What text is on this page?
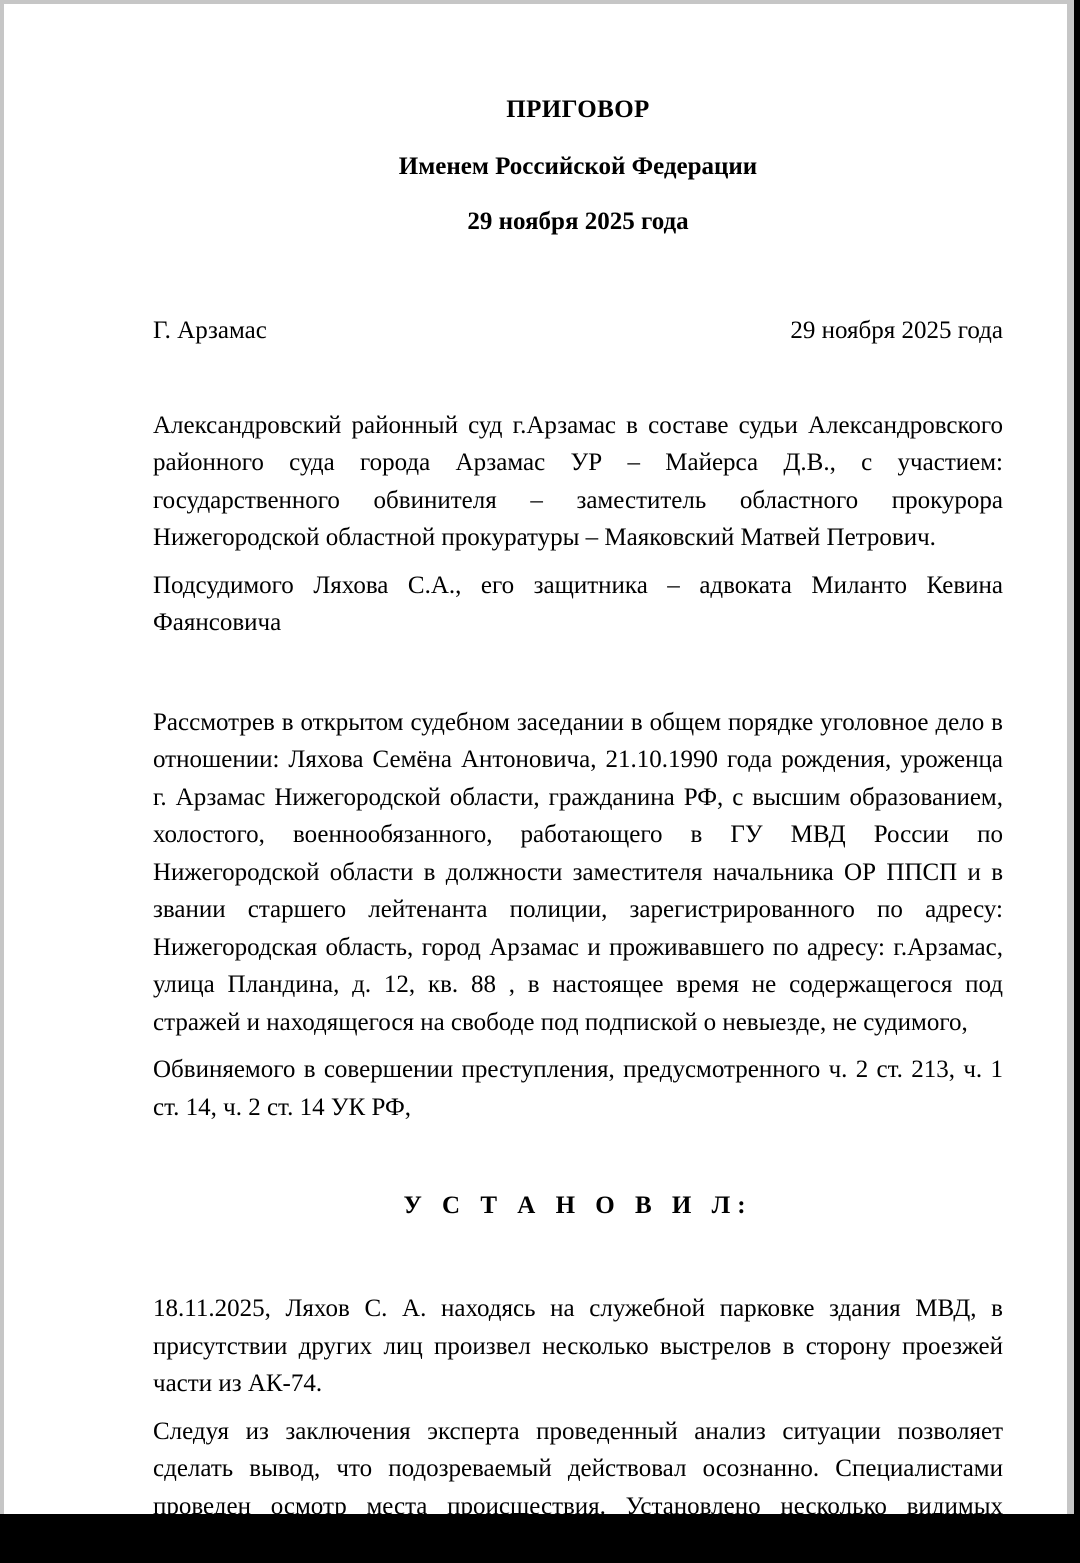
ПРИГОВОР
Именем Российской Федерации
29 ноября 2025 года
Г. Арзамас	29 ноября 2025 года

Александровский районный суд г.Арзамас в составе судьи Александровского районного суда города Арзамас УР – Майерса Д.В., с участием: государственного обвинителя – заместитель областного прокурора Нижегородской областной прокуратуры – Маяковский Матвей Петрович.

Подсудимого Ляхова С.А., его защитника – адвоката Миланто Кевина Фаянсовича

Рассмотрев в открытом судебном заседании в общем порядке уголовное дело в отношении: Ляхова Семёна Антоновича, 21.10.1990 года рождения, уроженца г. Арзамас Нижегородской области, гражданина РФ, с высшим образованием, холостого, военнообязанного, работающего в ГУ МВД России по Нижегородской области в должности заместителя начальника ОР ППСП и в звании старшего лейтенанта полиции, зарегистрированного по адресу: Нижегородская область, город Арзамас и проживавшего по адресу: г.Арзамас, улица Пландина, д. 12, кв. 88 , в настоящее время не содержащегося под стражей и находящегося на свободе под подпиской о невыезде, не судимого,

Обвиняемого в совершении преступления, предусмотренного ч. 2 ст. 213, ч. 1 ст. 14, ч. 2 ст. 14 УК РФ,

У С Т А Н О В И Л:

18.11.2025, Ляхов С. А. находясь на служебной парковке здания МВД, в присутствии других лиц произвел несколько выстрелов в сторону проезжей части из АК-74.

Следуя из заключения эксперта проведенный анализ ситуации позволяет сделать вывод, что подозреваемый действовал осознанно. Специалистами проведен осмотр места происшествия. Установлено несколько видимых повреждений асфальта от пуль, а также зафиксировано наличие гильз на месте.
